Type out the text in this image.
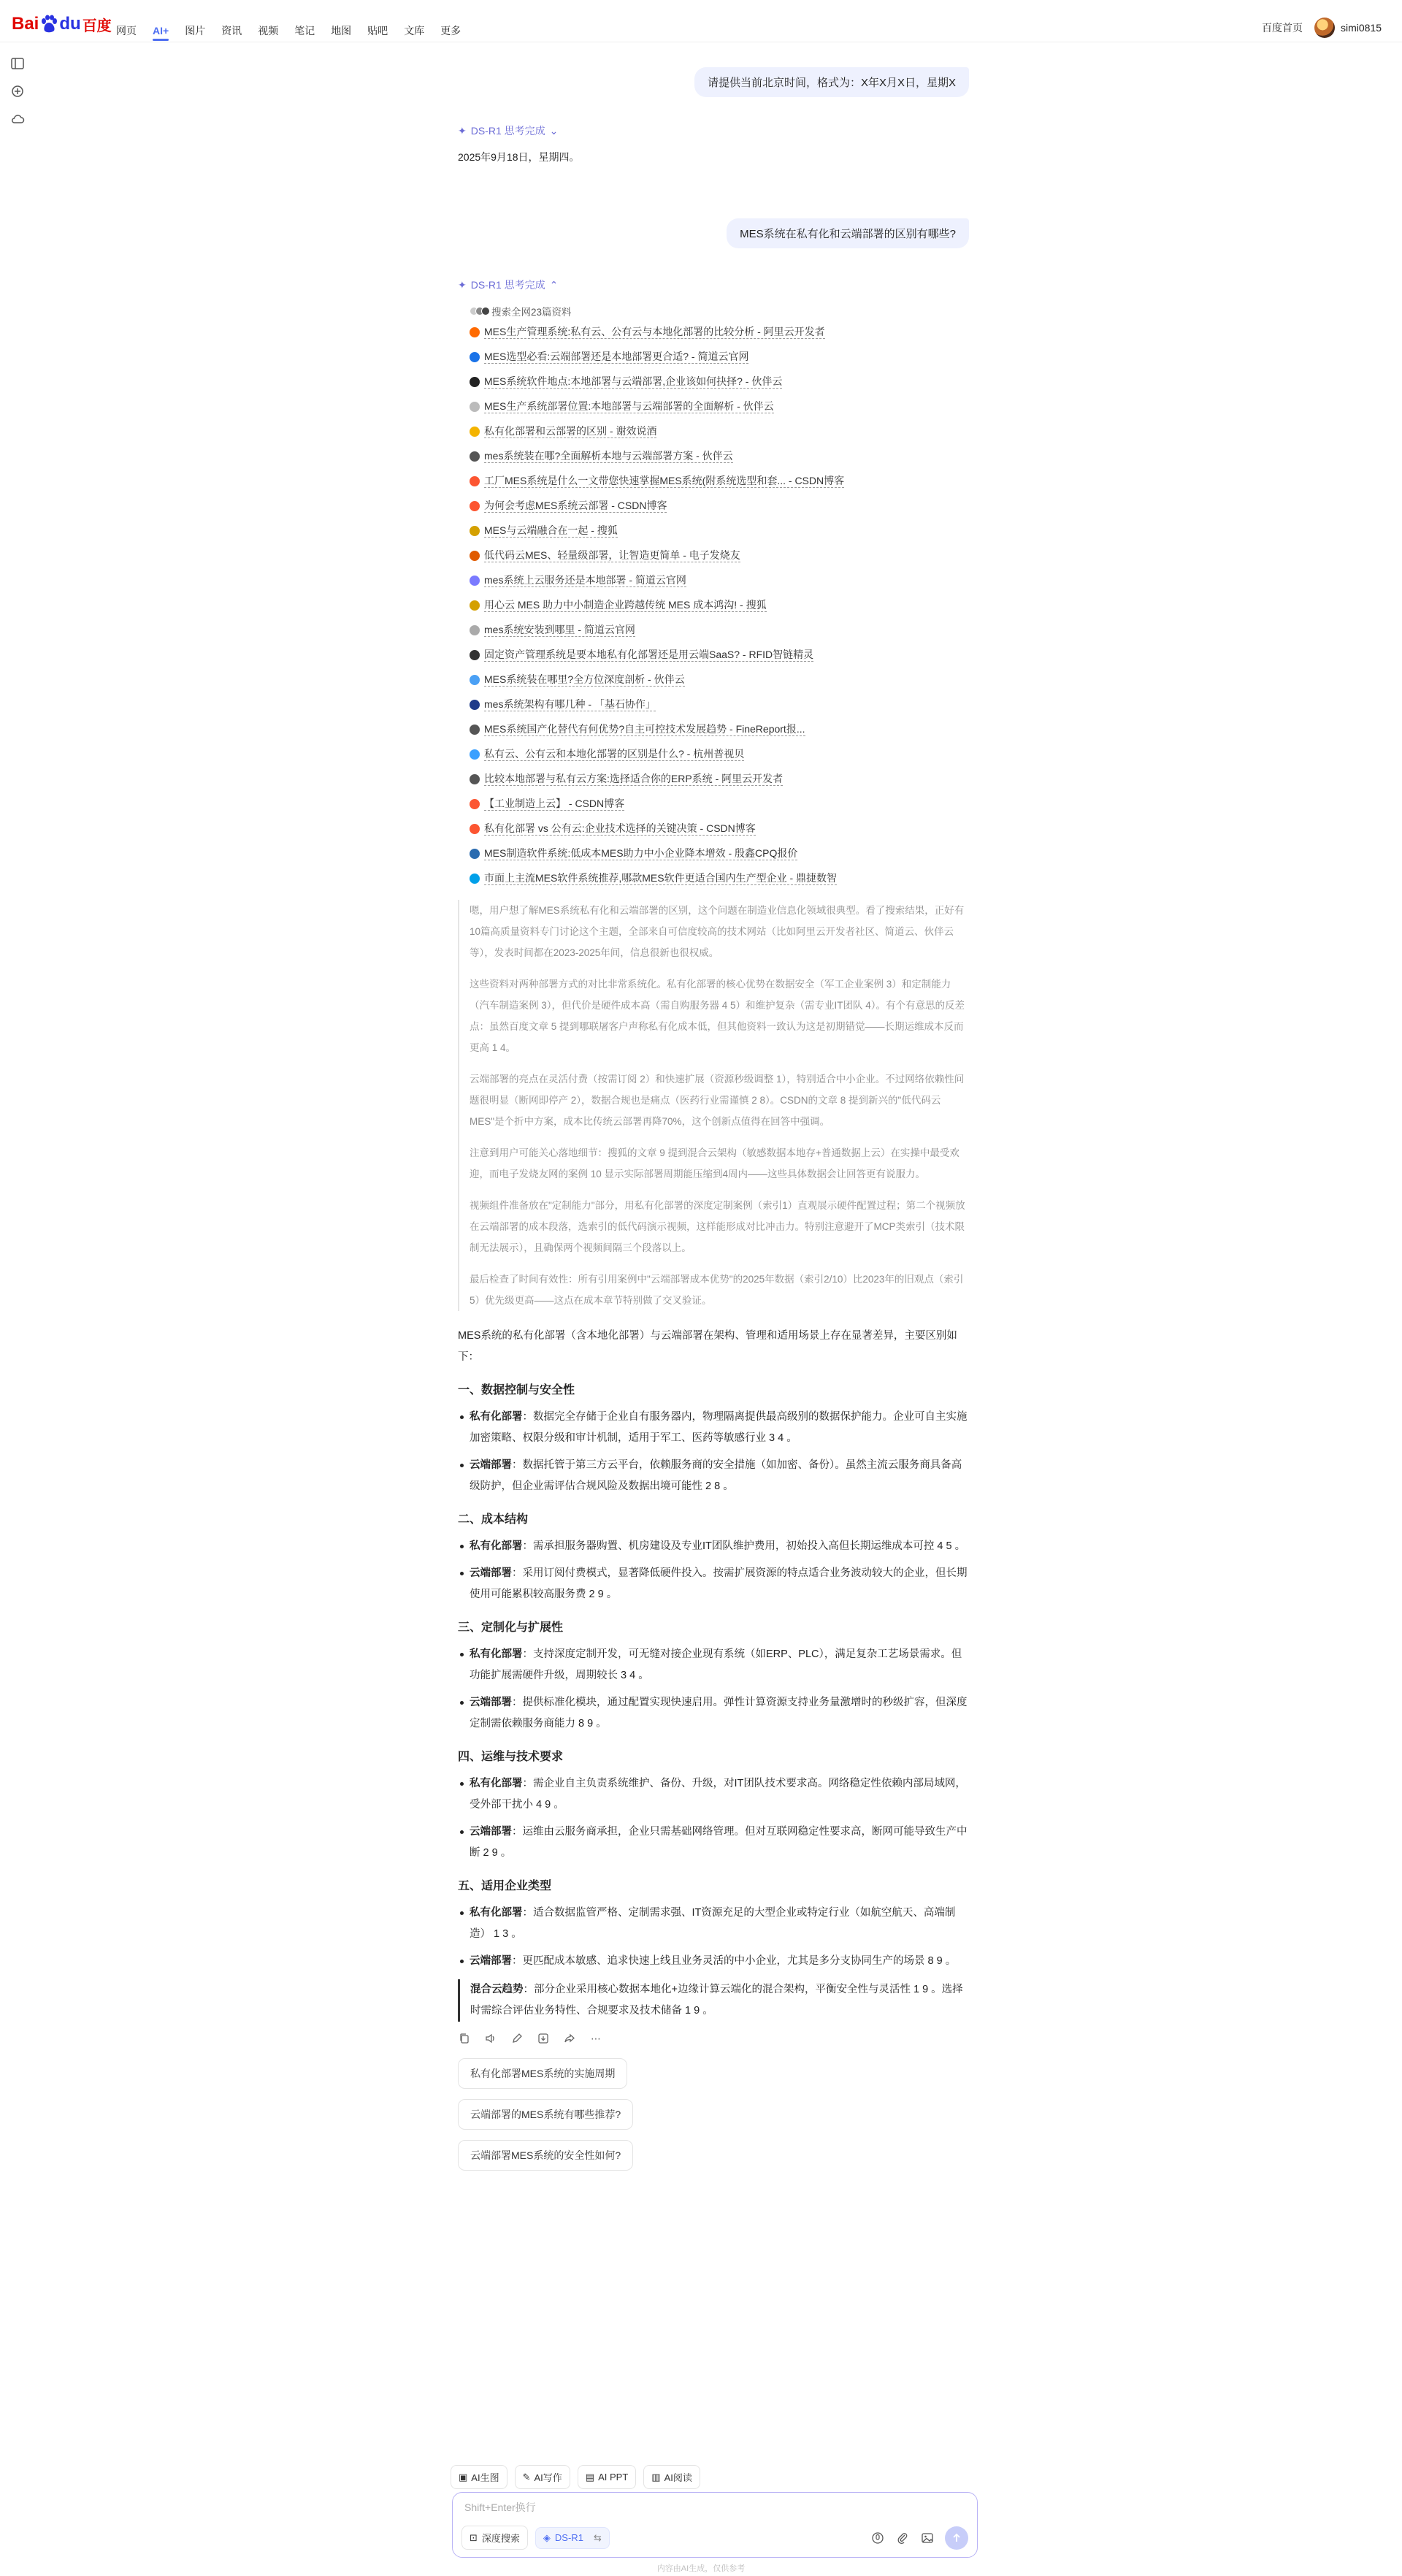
Bai du 百度 网页	AI+	图片	资讯	视频	笔记	地图	贴吧	文库	更多	百度首页	simi0815
请提供当前北京时间，格式为：X年X月X日，星期X
✦ DS-R1 思考完成 ⌄
2025年9月18日，星期四。
MES系统在私有化和云端部署的区别有哪些?
✦ DS-R1 思考完成 ⌃
搜索全网23篇资料
MES生产管理系统:私有云、公有云与本地化部署的比较分析 - 阿里云开发者
MES选型必看:云端部署还是本地部署更合适? - 简道云官网
MES系统软件地点:本地部署与云端部署,企业该如何抉择? - 伙伴云
MES生产系统部署位置:本地部署与云端部署的全面解析 - 伙伴云
私有化部署和云部署的区别 - 谢效说酒
mes系统装在哪?全面解析本地与云端部署方案 - 伙伴云
工厂MES系统是什么一文带您快速掌握MES系统(附系统选型和套... - CSDN博客
为何会考虑MES系统云部署 - CSDN博客
MES与云端融合在一起 - 搜狐
低代码云MES、轻量级部署，让智造更简单 - 电子发烧友
mes系统上云服务还是本地部署 - 简道云官网
用心云 MES 助力中小制造企业跨越传统 MES 成本鸿沟! - 搜狐
mes系统安装到哪里 - 简道云官网
固定资产管理系统是要本地私有化部署还是用云端SaaS? - RFID智链精灵
MES系统装在哪里?全方位深度剖析 - 伙伴云
mes系统架构有哪几种 - 「基石协作」
MES系统国产化替代有何优势?自主可控技术发展趋势 - FineReport报...
私有云、公有云和本地化部署的区别是什么? - 杭州普视贝
比较本地部署与私有云方案:选择适合你的ERP系统 - 阿里云开发者
【工业制造上云】 - CSDN博客
私有化部署 vs 公有云:企业技术选择的关键决策 - CSDN博客
MES制造软件系统:低成本MES助力中小企业降本增效 - 殷鑫CPQ报价
市面上主流MES软件系统推荐,哪款MES软件更适合国内生产型企业 - 鼎捷数智

嗯，用户想了解MES系统私有化和云端部署的区别，这个问题在制造业信息化领域很典型。看了搜索结果，正好有10篇高质量资料专门讨论这个主题，全部来自可信度较高的技术网站（比如阿里云开发者社区、简道云、伙伴云等），发表时间都在2023-2025年间，信息很新也很权威。

这些资料对两种部署方式的对比非常系统化。私有化部署的核心优势在数据安全（军工企业案例 3）和定制能力（汽车制造案例 3），但代价是硬件成本高（需自购服务器 4 5）和维护复杂（需专业IT团队 4）。有个有意思的反差点：虽然百度文章 5 提到哪联屠客户声称私有化成本低，但其他资料一致认为这是初期错觉——长期运维成本反而更高 1 4。

云端部署的亮点在灵活付费（按需订阅 2）和快速扩展（资源秒级调整 1），特别适合中小企业。不过网络依赖性问题很明显（断网即停产 2），数据合规也是痛点（医药行业需谨慎 2 8）。CSDN的文章 8 提到新兴的"低代码云MES"是个折中方案，成本比传统云部署再降70%，这个创新点值得在回答中强调。

注意到用户可能关心落地细节：搜狐的文章 9 提到混合云架构（敏感数据本地存+普通数据上云）在实操中最受欢迎，而电子发烧友网的案例 10 显示实际部署周期能压缩到4周内——这些具体数据会让回答更有说服力。

视频组件准备放在"定制能力"部分，用私有化部署的深度定制案例（索引1）直观展示硬件配置过程；第二个视频放在云端部署的成本段落，选索引的低代码演示视频，这样能形成对比冲击力。特别注意避开了MCP类索引（技术限制无法展示），且确保两个视频间隔三个段落以上。

最后检查了时间有效性：所有引用案例中"云端部署成本优势"的2025年数据（索引2/10）比2023年的旧观点（索引5）优先级更高——这点在成本章节特别做了交叉验证。

MES系统的私有化部署（含本地化部署）与云端部署在架构、管理和适用场景上存在显著差异，主要区别如下：

一、数据控制与安全性
私有化部署：数据完全存储于企业自有服务器内，物理隔离提供最高级别的数据保护能力。企业可自主实施加密策略、权限分级和审计机制，适用于军工、医药等敏感行业 3 4 。
云端部署：数据托管于第三方云平台，依赖服务商的安全措施（如加密、备份）。虽然主流云服务商具备高级防护，但企业需评估合规风险及数据出境可能性 2 8 。
二、成本结构
私有化部署：需承担服务器购置、机房建设及专业IT团队维护费用，初始投入高但长期运维成本可控 4 5 。
云端部署：采用订阅付费模式，显著降低硬件投入。按需扩展资源的特点适合业务波动较大的企业，但长期使用可能累积较高服务费 2 9 。
三、定制化与扩展性
私有化部署：支持深度定制开发，可无缝对接企业现有系统（如ERP、PLC），满足复杂工艺场景需求。但功能扩展需硬件升级，周期较长 3 4 。
云端部署：提供标准化模块，通过配置实现快速启用。弹性计算资源支持业务量激增时的秒级扩容，但深度定制需依赖服务商能力 8 9 。
四、运维与技术要求
私有化部署：需企业自主负责系统维护、备份、升级，对IT团队技术要求高。网络稳定性依赖内部局域网，受外部干扰小 4 9 。
云端部署：运维由云服务商承担，企业只需基础网络管理。但对互联网稳定性要求高，断网可能导致生产中断 2 9 。
五、适用企业类型
私有化部署：适合数据监管严格、定制需求强、IT资源充足的大型企业或特定行业（如航空航天、高端制造） 1 3 。
云端部署：更匹配成本敏感、追求快速上线且业务灵活的中小企业，尤其是多分支协同生产的场景 8 9 。
混合云趋势：部分企业采用核心数据本地化+边缘计算云端化的混合架构，平衡安全性与灵活性 1 9 。选择时需综合评估业务特性、合规要求及技术储备 1 9 。
⋯
私有化部署MES系统的实施周期
云端部署的MES系统有哪些推荐?
云端部署MES系统的安全性如何?
▣ AI生图 ✎ AI写作 ▤ AI PPT ▥ AI阅读
Shift+Enter换行
⊡ 深度搜索 ◈ DS-R1 ⇆
内容由AI生成，仅供参考
